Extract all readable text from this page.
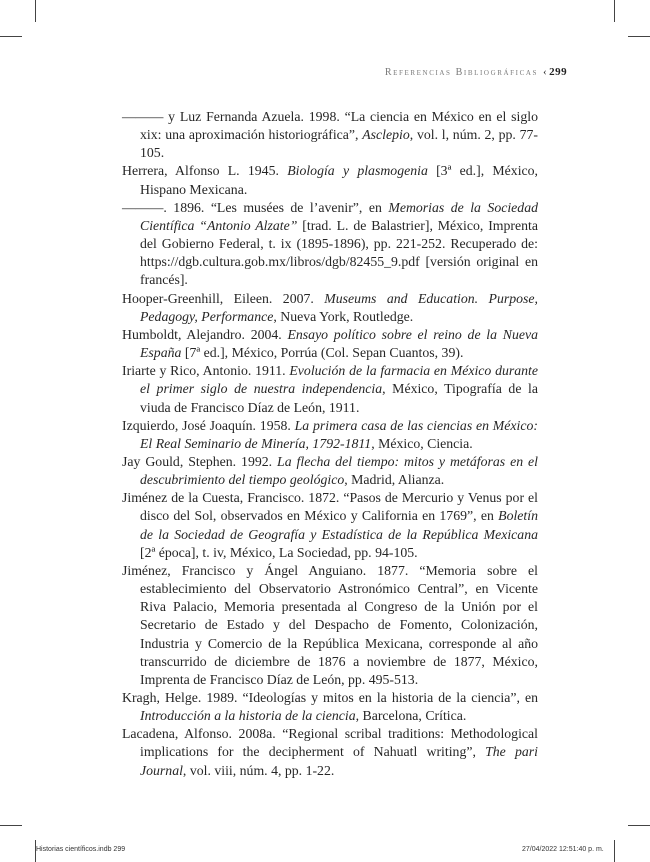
Referencias Bibliográficas ‹ 299

——— y Luz Fernanda Azuela. 1998. “La ciencia en México en el siglo xix: una aproximación historiográfica”, Asclepio, vol. l, núm. 2, pp. 77-105.

Herrera, Alfonso L. 1945. Biología y plasmogenia [3ª ed.], México, Hispano Mexicana.

———. 1896. “Les musées de l’avenir”, en Memorias de la Sociedad Científica “Antonio Alzate” [trad. L. de Balastrier], México, Imprenta del Gobierno Federal, t. ix (1895-1896), pp. 221-252. Recuperado de: https://dgb.cultura.gob.mx/libros/dgb/82455_9.pdf [versión original en francés].

Hooper-Greenhill, Eileen. 2007. Museums and Education. Purpose, Pedagogy, Performance, Nueva York, Routledge.

Humboldt, Alejandro. 2004. Ensayo político sobre el reino de la Nueva España [7ª ed.], México, Porrúa (Col. Sepan Cuantos, 39).

Iriarte y Rico, Antonio. 1911. Evolución de la farmacia en México durante el primer siglo de nuestra independencia, México, Tipografía de la viuda de Francisco Díaz de León, 1911.

Izquierdo, José Joaquín. 1958. La primera casa de las ciencias en México: El Real Seminario de Minería, 1792-1811, México, Ciencia.

Jay Gould, Stephen. 1992. La flecha del tiempo: mitos y metáforas en el descubrimiento del tiempo geológico, Madrid, Alianza.

Jiménez de la Cuesta, Francisco. 1872. “Pasos de Mercurio y Venus por el disco del Sol, observados en México y California en 1769”, en Boletín de la Sociedad de Geografía y Estadística de la República Mexicana [2ª época], t. iv, México, La Sociedad, pp. 94-105.

Jiménez, Francisco y Ángel Anguiano. 1877. “Memoria sobre el establecimiento del Observatorio Astronómico Central”, en Vicente Riva Palacio, Memoria presentada al Congreso de la Unión por el Secretario de Estado y del Despacho de Fomento, Colonización, Industria y Comercio de la República Mexicana, corresponde al año transcurrido de diciembre de 1876 a noviembre de 1877, México, Imprenta de Francisco Díaz de León, pp. 495-513.

Kragh, Helge. 1989. “Ideologías y mitos en la historia de la ciencia”, en Introducción a la historia de la ciencia, Barcelona, Crítica.

Lacadena, Alfonso. 2008a. “Regional scribal traditions: Methodological implications for the decipherment of Nahuatl writing”, The pari Journal, vol. viii, núm. 4, pp. 1-22.

Historias científicos.indb 299	27/04/2022 12:51:40 p. m.
